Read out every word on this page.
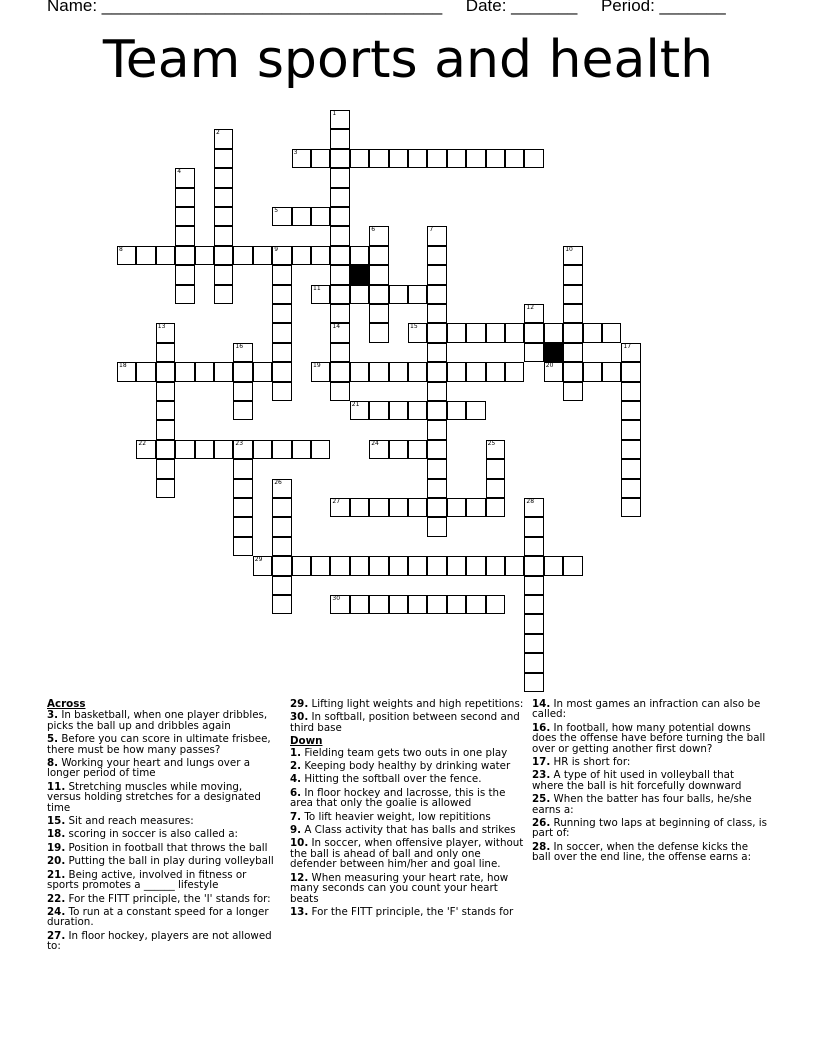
Name: ____________________________________ Date: _______ Period: _______
Team sports and health
1
2
3
4
5
6	7
8	9	10
11
12
13	14	15
16	17
18	19	20
21
22	23	24	25
26
27	28
29
30
Across
3. In basketball, when one player dribbles, picks the ball up and dribbles again
5. Before you can score in ultimate frisbee, there must be how many passes?
8. Working your heart and lungs over a longer period of time
11. Stretching muscles while moving, versus holding stretches for a designated time
15. Sit and reach measures:
18. scoring in soccer is also called a:
19. Position in football that throws the ball
20. Putting the ball in play during volleyball
21. Being active, involved in fitness or sports promotes a ______ lifestyle
22. For the FITT principle, the 'I' stands for:
24. To run at a constant speed for a longer duration.
27. In floor hockey, players are not allowed to:
29. Lifting light weights and high repetitions:
30. In softball, position between second and third base
Down
1. Fielding team gets two outs in one play
2. Keeping body healthy by drinking water
4. Hitting the softball over the fence.
6. In floor hockey and lacrosse, this is the area that only the goalie is allowed
7. To lift heavier weight, low repititions
9. A Class activity that has balls and strikes
10. In soccer, when offensive player, without the ball is ahead of ball and only one defender between him/her and goal line.
12. When measuring your heart rate, how many seconds can you count your heart beats
13. For the FITT principle, the 'F' stands for
14. In most games an infraction can also be called:
16. In football, how many potential downs does the offense have before turning the ball over or getting another first down?
17. HR is short for:
23. A type of hit used in volleyball that where the ball is hit forcefully downward
25. When the batter has four balls, he/she earns a:
26. Running two laps at beginning of class, is part of:
28. In soccer, when the defense kicks the ball over the end line, the offense earns a:
